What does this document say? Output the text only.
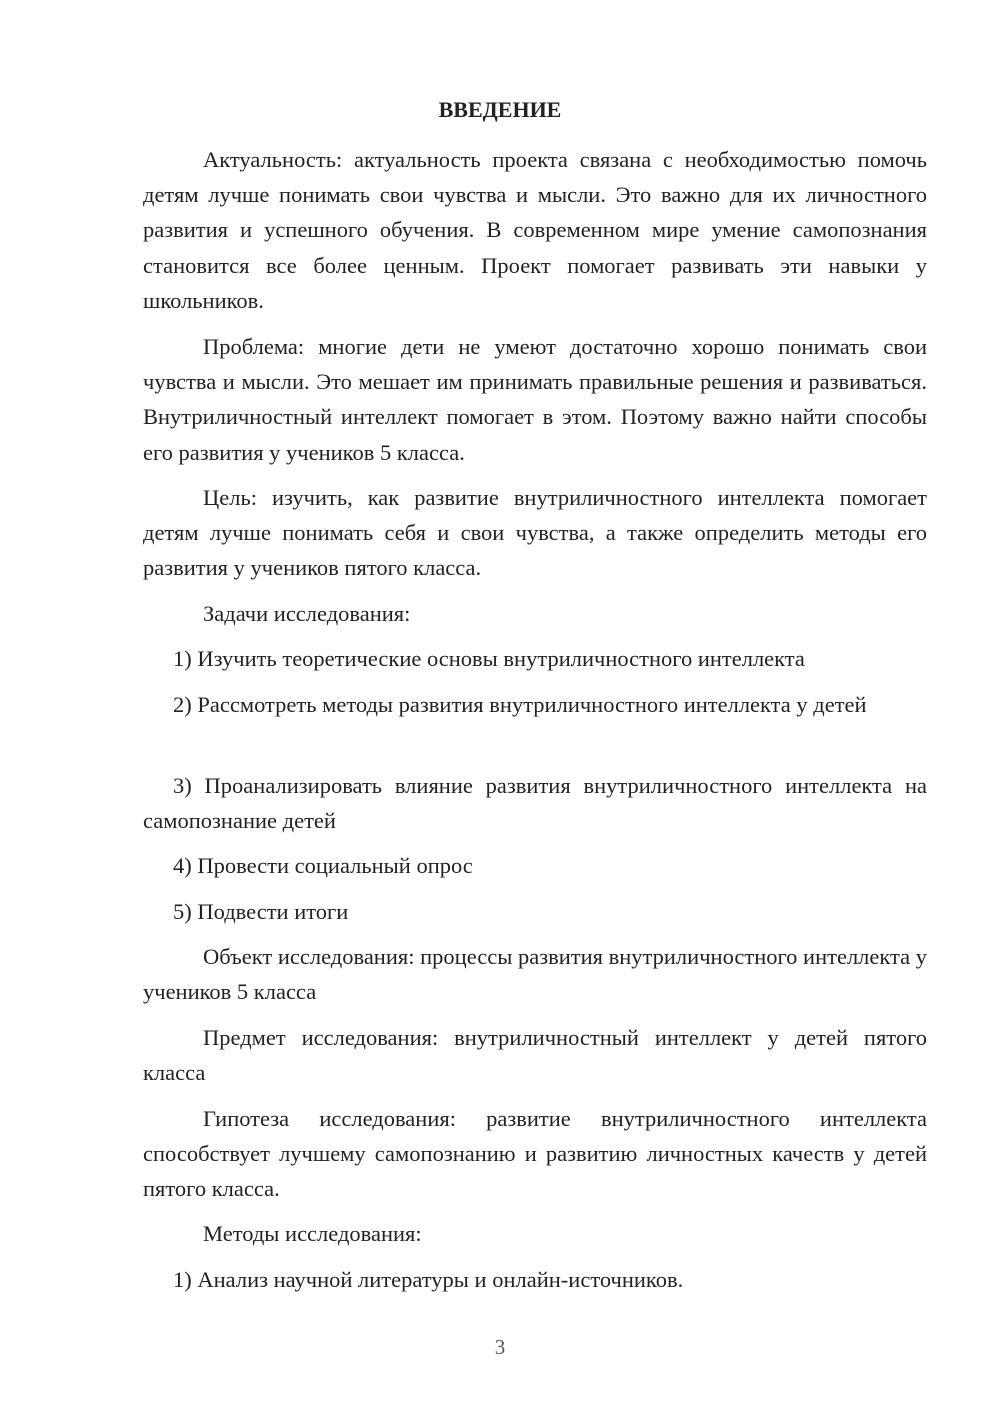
ВВЕДЕНИЕ

Актуальность: актуальность проекта связана с необходимостью помочь детям лучше понимать свои чувства и мысли. Это важно для их личностного развития и успешного обучения. В современном мире умение самопознания становится все более ценным. Проект помогает развивать эти навыки у школьников.

Проблема: многие дети не умеют достаточно хорошо понимать свои чувства и мысли. Это мешает им принимать правильные решения и развиваться. Внутриличностный интеллект помогает в этом. Поэтому важно найти способы его развития у учеников 5 класса.

Цель: изучить, как развитие внутриличностного интеллекта помогает детям лучше понимать себя и свои чувства, а также определить методы его развития у учеников пятого класса.

Задачи исследования:

1) Изучить теоретические основы внутриличностного интеллекта

2) Рассмотреть методы развития внутриличностного интеллекта у детей

3) Проанализировать влияние развития внутриличностного интеллекта на самопознание детей

4) Провести социальный опрос

5) Подвести итоги

Объект исследования: процессы развития внутриличностного интеллекта у учеников 5 класса

Предмет исследования: внутриличностный интеллект у детей пятого класса

Гипотеза исследования: развитие внутриличностного интеллекта способствует лучшему самопознанию и развитию личностных качеств у детей пятого класса.

Методы исследования:

1) Анализ научной литературы и онлайн-источников.

3
